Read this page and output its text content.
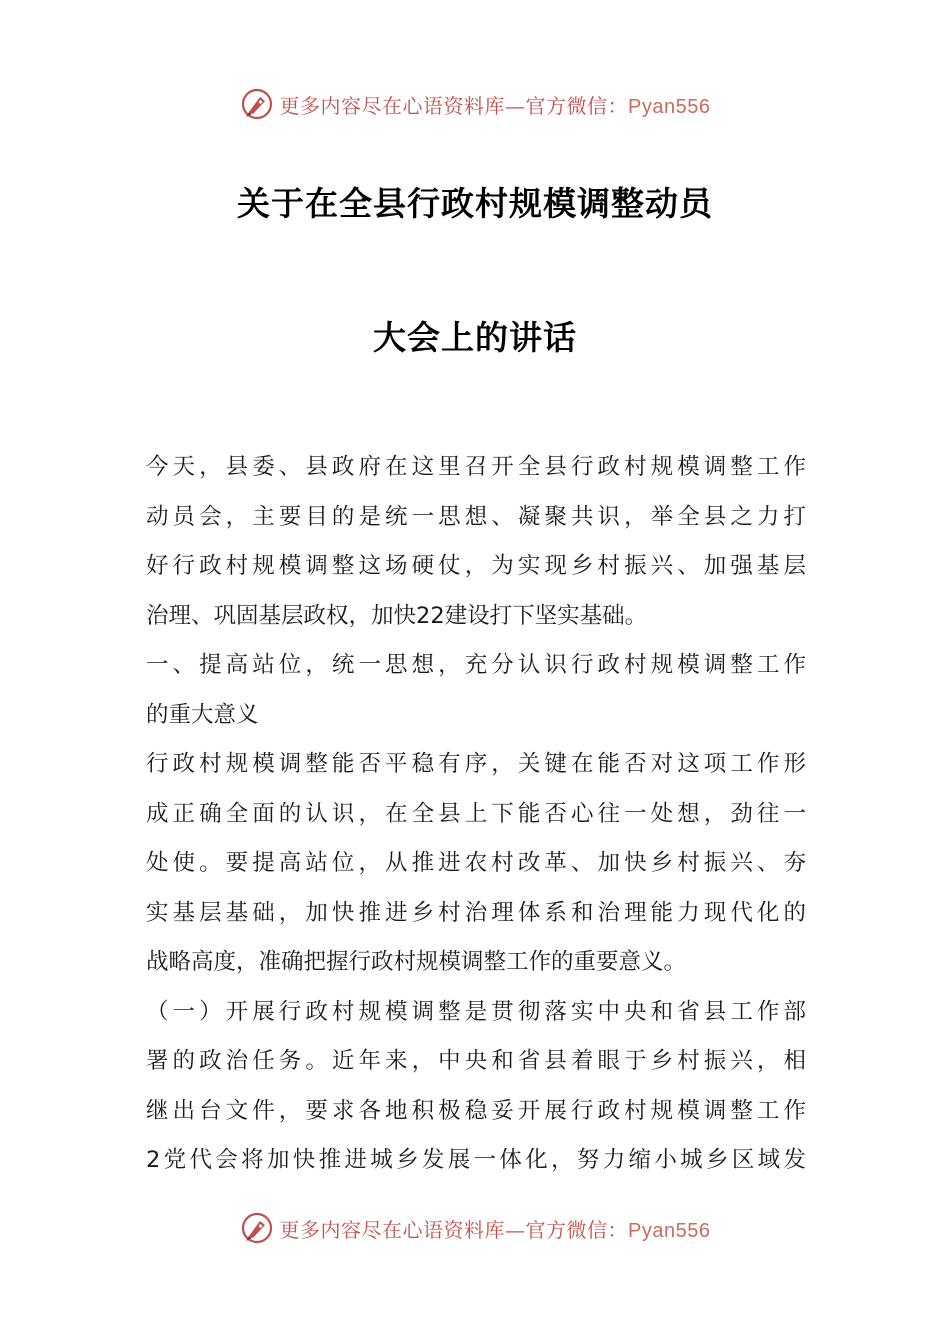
更多内容尽在心语资料库—官方微信：Pyan556
关于在全县行政村规模调整动员
大会上的讲话
今天，县委、县政府在这里召开全县行政村规模调整工作
动员会，主要目的是统一思想、凝聚共识，举全县之力打
好行政村规模调整这场硬仗，为实现乡村振兴、加强基层
治理、巩固基层政权，加快22建设打下坚实基础。
一、提高站位，统一思想，充分认识行政村规模调整工作
的重大意义
行政村规模调整能否平稳有序，关键在能否对这项工作形
成正确全面的认识，在全县上下能否心往一处想，劲往一
处使。要提高站位，从推进农村改革、加快乡村振兴、夯
实基层基础，加快推进乡村治理体系和治理能力现代化的
战略高度，准确把握行政村规模调整工作的重要意义。
（一）开展行政村规模调整是贯彻落实中央和省县工作部
署的政治任务。近年来，中央和省县着眼于乡村振兴，相
继出台文件，要求各地积极稳妥开展行政村规模调整工作
2党代会将加快推进城乡发展一体化，努力缩小城乡区域发
更多内容尽在心语资料库—官方微信：Pyan556
